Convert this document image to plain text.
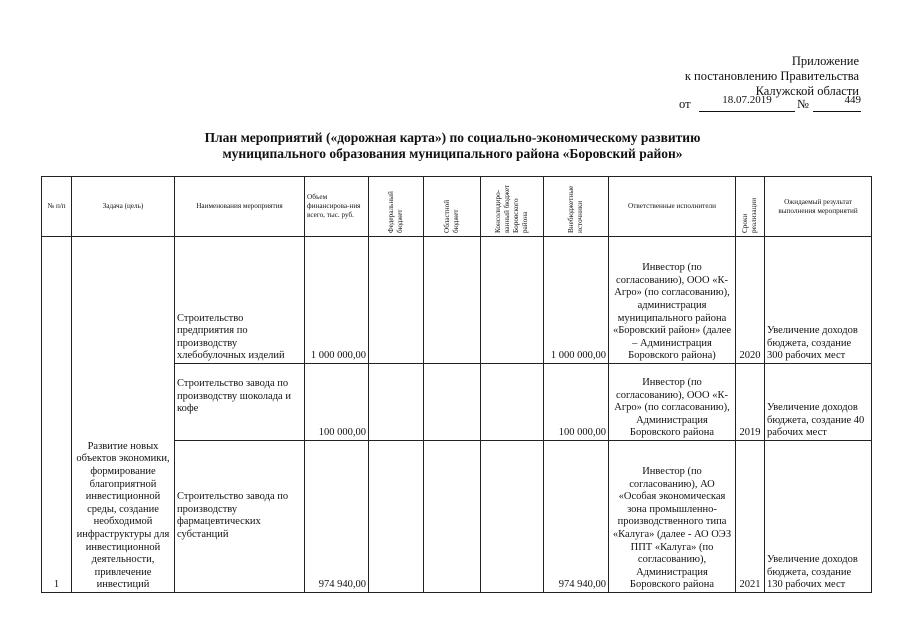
Приложение
к постановлению Правительства
Калужской области
от	18.07.2019	№	449
План мероприятий («дорожная карта») по социально-экономическому развитию
муниципального образования муниципального района «Боровский район»
№ п/п	Задача (цель)	Наименования мероприятия	Объем финансирова-ния всего, тыс. руб.	Федеральный бюджет	Областной бюджет	Консолидиро-ванный бюджет Боровского района	Внебюджетные источники	Ответственные исполнители	Сроки реализации	Ожидаемый результат выполнения мероприятий
1	Развитие новых объектов экономики, формирование благоприятной инвестиционной среды, создание необходимой инфраструктуры для инвестиционной деятельности, привлечение инвестиций	Строительство предприятия по производству хлебобулочных изделий	1 000 000,00				1 000 000,00	Инвестор (по согласованию), ООО «К-Агро» (по согласованию), администрация муниципального района «Боровский район» (далее – Администрация Боровского района)	2020	Увеличение доходов бюджета, создание 300 рабочих мест
		Строительство завода по производству шоколада и кофе	100 000,00				100 000,00	Инвестор (по согласованию), ООО «К-Агро» (по согласованию), Администрация Боровского района	2019	Увеличение доходов бюджета, создание 40 рабочих мест
		Строительство завода по производству фармацевтических субстанций	974 940,00				974 940,00	Инвестор (по согласованию), АО «Особая экономическая зона промышленно-производственного типа «Калуга» (далее - АО ОЭЗ ППТ «Калуга» (по согласованию), Администрация Боровского района	2021	Увеличение доходов бюджета, создание 130 рабочих мест
